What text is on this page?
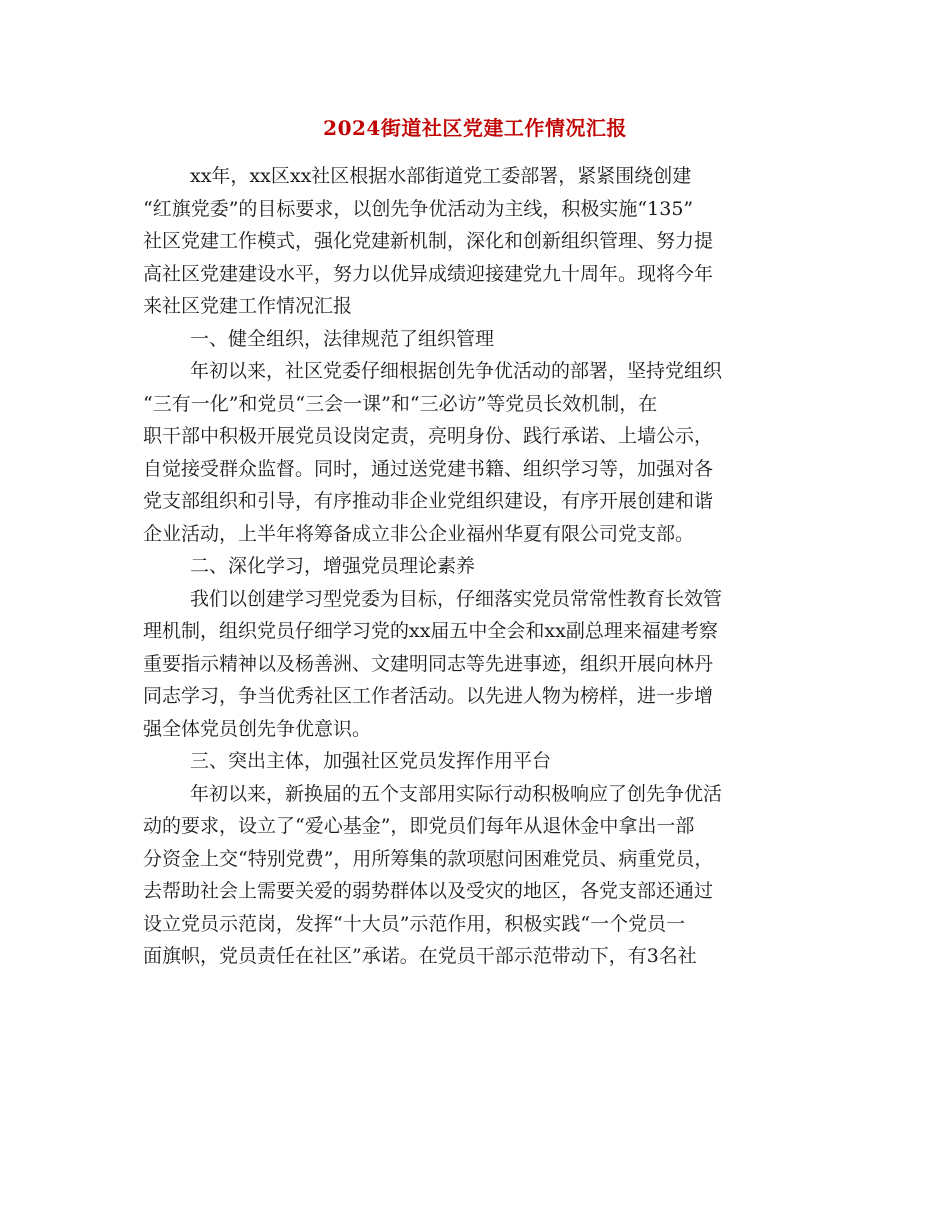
2024街道社区党建工作情况汇报
xx年，xx区xx社区根据水部街道党工委部署，紧紧围绕创建
“红旗党委”的目标要求，以创先争优活动为主线，积极实施“135”
社区党建工作模式，强化党建新机制，深化和创新组织管理、努力提
高社区党建建设水平，努力以优异成绩迎接建党九十周年。现将今年
来社区党建工作情况汇报
一、健全组织，法律规范了组织管理
年初以来，社区党委仔细根据创先争优活动的部署，坚持党组织
“三有一化”和党员“三会一课”和“三必访”等党员长效机制，在
职干部中积极开展党员设岗定责，亮明身份、践行承诺、上墙公示，
自觉接受群众监督。同时，通过送党建书籍、组织学习等，加强对各
党支部组织和引导，有序推动非企业党组织建设，有序开展创建和谐
企业活动，上半年将筹备成立非公企业福州华夏有限公司党支部。
二、深化学习，增强党员理论素养
我们以创建学习型党委为目标，仔细落实党员常常性教育长效管
理机制，组织党员仔细学习党的xx届五中全会和xx副总理来福建考察
重要指示精神以及杨善洲、文建明同志等先进事迹，组织开展向林丹
同志学习，争当优秀社区工作者活动。以先进人物为榜样，进一步增
强全体党员创先争优意识。
三、突出主体，加强社区党员发挥作用平台
年初以来，新换届的五个支部用实际行动积极响应了创先争优活
动的要求，设立了“爱心基金”，即党员们每年从退休金中拿出一部
分资金上交“特别党费”，用所筹集的款项慰问困难党员、病重党员，
去帮助社会上需要关爱的弱势群体以及受灾的地区，各党支部还通过
设立党员示范岗，发挥“十大员”示范作用，积极实践“一个党员一
面旗帜，党员责任在社区”承诺。在党员干部示范带动下，有3名社
